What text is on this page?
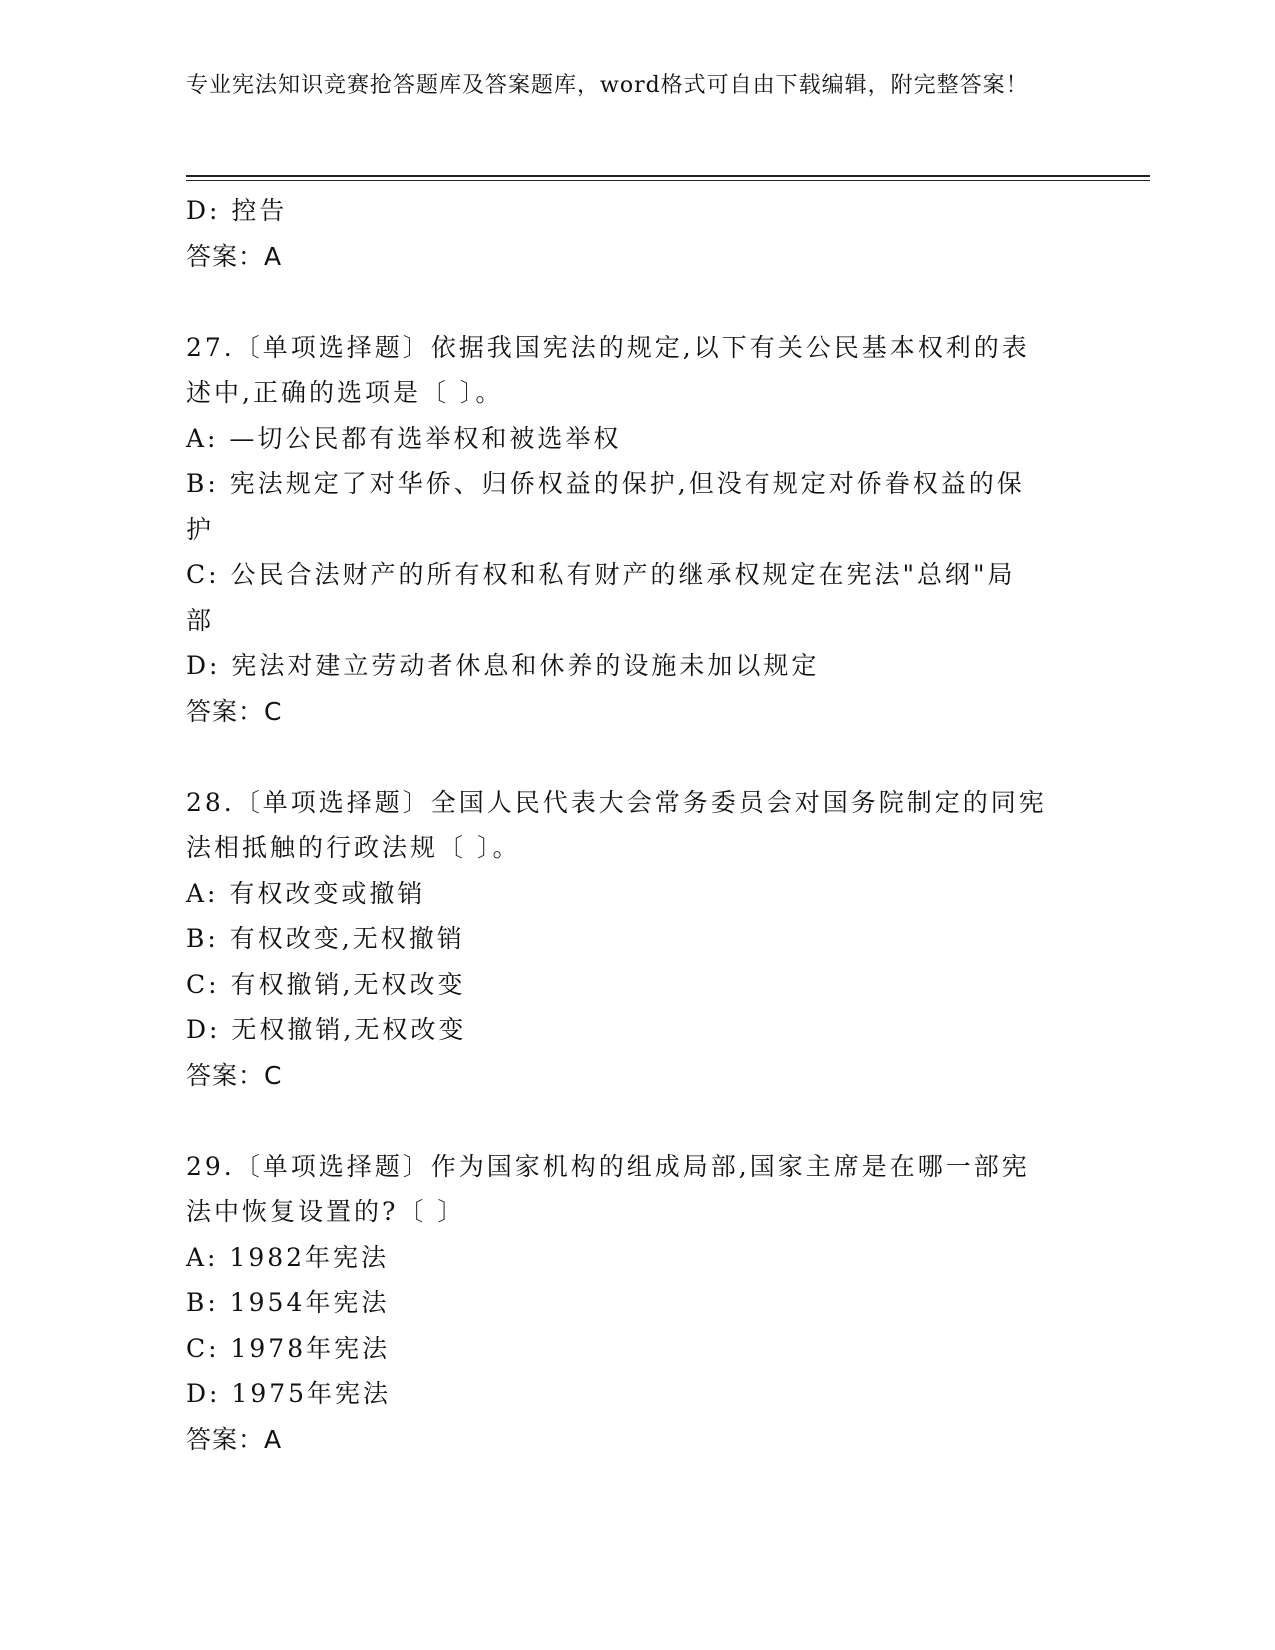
专业宪法知识竞赛抢答题库及答案题库，word格式可自由下载编辑，附完整答案！
D: 控告
答案：A
27.〔单项选择题〕依据我国宪法的规定,以下有关公民基本权利的表
述中,正确的选项是〔 〕。
A: —切公民都有选举权和被选举权
B: 宪法规定了对华侨、归侨权益的保护,但没有规定对侨眷权益的保
护
C: 公民合法财产的所有权和私有财产的继承权规定在宪法"总纲"局
部
D: 宪法对建立劳动者休息和休养的设施未加以规定
答案：C
28.〔单项选择题〕全国人民代表大会常务委员会对国务院制定的同宪
法相抵触的行政法规〔 〕。
A: 有权改变或撤销
B: 有权改变,无权撤销
C: 有权撤销,无权改变
D: 无权撤销,无权改变
答案：C
29.〔单项选择题〕作为国家机构的组成局部,国家主席是在哪一部宪
法中恢复设置的?〔 〕
A: 1982年宪法
B: 1954年宪法
C: 1978年宪法
D: 1975年宪法
答案：A
